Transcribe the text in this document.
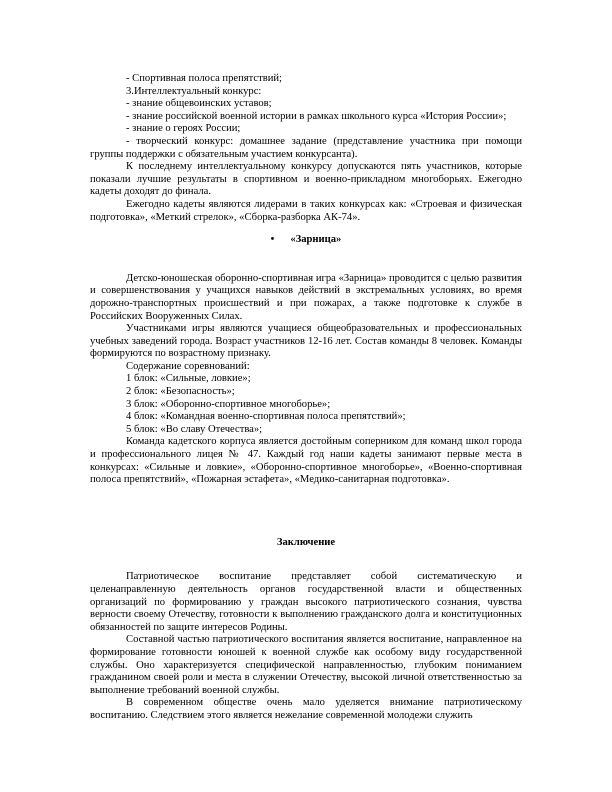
- Спортивная полоса препятствий;
3.Интеллектуальный конкурс:
- знание общевоинских уставов;

- знание российской военной истории в рамках школьного курса «История России»;

- знание о героях России;

- творческий конкурс: домашнее задание (представление участника при помощи группы поддержки с обязательным участием конкурсанта).

К последнему интеллектуальному конкурсу допускаются пять участников, которые показали лучшие результаты в спортивном и военно-прикладном многоборьях. Ежегодно кадеты доходят до финала.

Ежегодно кадеты являются лидерами в таких конкурсах как: «Строевая и физическая подготовка», «Меткий стрелок», «Сборка-разборка АК-74».

• «Зарница»

Детско-юношеская оборонно-спортивная игра «Зарница» проводится с целью развития и совершенствования у учащихся навыков действий в экстремальных условиях, во время дорожно-транспортных происшествий и при пожарах, а также подготовке к службе в Российских Вооруженных Силах.

Участниками игры являются учащиеся общеобразовательных и профессиональных учебных заведений города. Возраст участников 12-16 лет. Состав команды 8 человек. Команды формируются по возрастному признаку.

Содержание соревнований:
1 блок: «Сильные, ловкие»;
2 блок: «Безопасность»;
3 блок: «Оборонно-спортивное многоборье»;
4 блок: «Командная военно-спортивная полоса препятствий»;
5 блок: «Во славу Отечества»;

Команда кадетского корпуса является достойным соперником для команд школ города и профессионального лицея № 47. Каждый год наши кадеты занимают первые места в конкурсах: «Сильные и ловкие», «Оборонно-спортивное многоборье», «Военно-спортивная полоса препятствий», «Пожарная эстафета», «Медико-санитарная подготовка».

Заключение

Патриотическое воспитание представляет собой систематическую и целенаправленную деятельность органов государственной власти и общественных организаций по формированию у граждан высокого патриотического сознания, чувства верности своему Отечеству, готовности к выполнению гражданского долга и конституционных обязанностей по защите интересов Родины.

Составной частью патриотического воспитания является воспитание, направленное на формирование готовности юношей к военной службе как особому виду государственной службы. Оно характеризуется специфической направленностью, глубоким пониманием гражданином своей роли и места в служении Отечеству, высокой личной ответственностью за выполнение требований военной службы.

В современном обществе очень мало уделяется внимание патриотическому воспитанию. Следствием этого является нежелание современной молодежи служить
